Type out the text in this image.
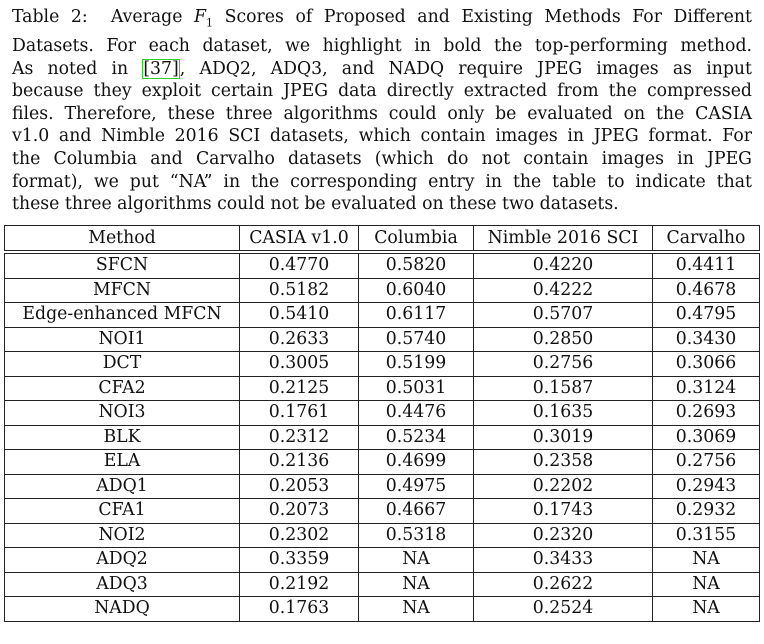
Table 2: Average $F_1$ Scores of Proposed and Existing Methods For Different
Datasets. For each dataset, we highlight in bold the top-performing method.
As noted in [37], ADQ2, ADQ3, and NADQ require JPEG images as input
because they exploit certain JPEG data directly extracted from the compressed
files. Therefore, these three algorithms could only be evaluated on the CASIA
v1.0 and Nimble 2016 SCI datasets, which contain images in JPEG format. For
the Columbia and Carvalho datasets (which do not contain images in JPEG
format), we put “NA” in the corresponding entry in the table to indicate that
these three algorithms could not be evaluated on these two datasets.
Method	CASIA v1.0	Columbia	Nimble 2016 SCI	Carvalho
SFCN	0.4770	0.5820	0.4220	0.4411
MFCN	0.5182	0.6040	0.4222	0.4678
Edge-enhanced MFCN	0.5410	0.6117	0.5707	0.4795
NOI1	0.2633	0.5740	0.2850	0.3430
DCT	0.3005	0.5199	0.2756	0.3066
CFA2	0.2125	0.5031	0.1587	0.3124
NOI3	0.1761	0.4476	0.1635	0.2693
BLK	0.2312	0.5234	0.3019	0.3069
ELA	0.2136	0.4699	0.2358	0.2756
ADQ1	0.2053	0.4975	0.2202	0.2943
CFA1	0.2073	0.4667	0.1743	0.2932
NOI2	0.2302	0.5318	0.2320	0.3155
ADQ2	0.3359	NA	0.3433	NA
ADQ3	0.2192	NA	0.2622	NA
NADQ	0.1763	NA	0.2524	NA
